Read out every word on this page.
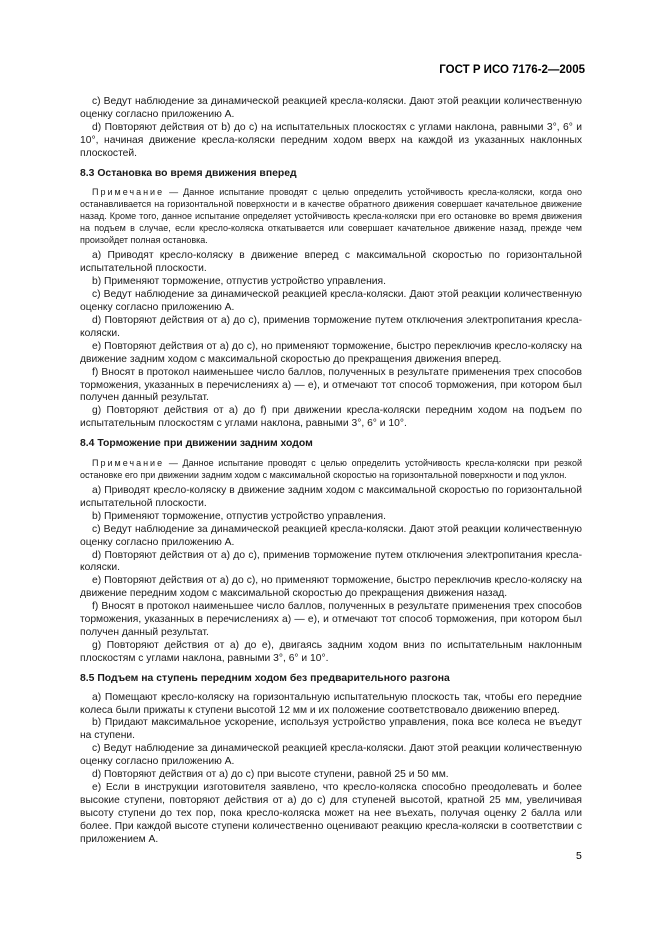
ГОСТ Р ИСО 7176-2—2005

c) Ведут наблюдение за динамической реакцией кресла-коляски. Дают этой реакции количественную оценку согласно приложению А.

d) Повторяют действия от b) до c) на испытательных плоскостях с углами наклона, равными 3°, 6° и 10°, начиная движение кресла-коляски передним ходом вверх на каждой из указанных наклонных плоскостей.

8.3 Остановка во время движения вперед

Примечание — Данное испытание проводят с целью определить устойчивость кресла-коляски, когда оно останавливается на горизонтальной поверхности и в качестве обратного движения совершает качательное движение назад. Кроме того, данное испытание определяет устойчивость кресла-коляски при его остановке во время движения на подъем в случае, если кресло-коляска откатывается или совершает качательное движение назад, прежде чем произойдет полная остановка.

a) Приводят кресло-коляску в движение вперед с максимальной скоростью по горизонтальной испытательной плоскости.

b) Применяют торможение, отпустив устройство управления.

c) Ведут наблюдение за динамической реакцией кресла-коляски. Дают этой реакции количественную оценку согласно приложению А.

d) Повторяют действия от a) до c), применив торможение путем отключения электропитания кресла-коляски.

e) Повторяют действия от a) до c), но применяют торможение, быстро переключив кресло-коляску на движение задним ходом с максимальной скоростью до прекращения движения вперед.

f) Вносят в протокол наименьшее число баллов, полученных в результате применения трех способов торможения, указанных в перечислениях a) — e), и отмечают тот способ торможения, при котором был получен данный результат.

g) Повторяют действия от a) до f) при движении кресла-коляски передним ходом на подъем по испытательным плоскостям с углами наклона, равными 3°, 6° и 10°.

8.4 Торможение при движении задним ходом

Примечание — Данное испытание проводят с целью определить устойчивость кресла-коляски при резкой остановке его при движении задним ходом с максимальной скоростью на горизонтальной поверхности и под уклон.

a) Приводят кресло-коляску в движение задним ходом с максимальной скоростью по горизонтальной испытательной плоскости.

b) Применяют торможение, отпустив устройство управления.

c) Ведут наблюдение за динамической реакцией кресла-коляски. Дают этой реакции количественную оценку согласно приложению А.

d) Повторяют действия от a) до c), применив торможение путем отключения электропитания кресла-коляски.

e) Повторяют действия от a) до c), но применяют торможение, быстро переключив кресло-коляску на движение передним ходом с максимальной скоростью до прекращения движения назад.

f) Вносят в протокол наименьшее число баллов, полученных в результате применения трех способов торможения, указанных в перечислениях a) — e), и отмечают тот способ торможения, при котором был получен данный результат.

g) Повторяют действия от a) до e), двигаясь задним ходом вниз по испытательным наклонным плоскостям с углами наклона, равными 3°, 6° и 10°.

8.5 Подъем на ступень передним ходом без предварительного разгона

a) Помещают кресло-коляску на горизонтальную испытательную плоскость так, чтобы его передние колеса были прижаты к ступени высотой 12 мм и их положение соответствовало движению вперед.

b) Придают максимальное ускорение, используя устройство управления, пока все колеса не въедут на ступени.

c) Ведут наблюдение за динамической реакцией кресла-коляски. Дают этой реакции количественную оценку согласно приложению А.

d) Повторяют действия от a) до c) при высоте ступени, равной 25 и 50 мм.

e) Если в инструкции изготовителя заявлено, что кресло-коляска способно преодолевать и более высокие ступени, повторяют действия от a) до c) для ступеней высотой, кратной 25 мм, увеличивая высоту ступени до тех пор, пока кресло-коляска может на нее въехать, получая оценку 2 балла или более. При каждой высоте ступени количественно оценивают реакцию кресла-коляски в соответствии с приложением А.

5
